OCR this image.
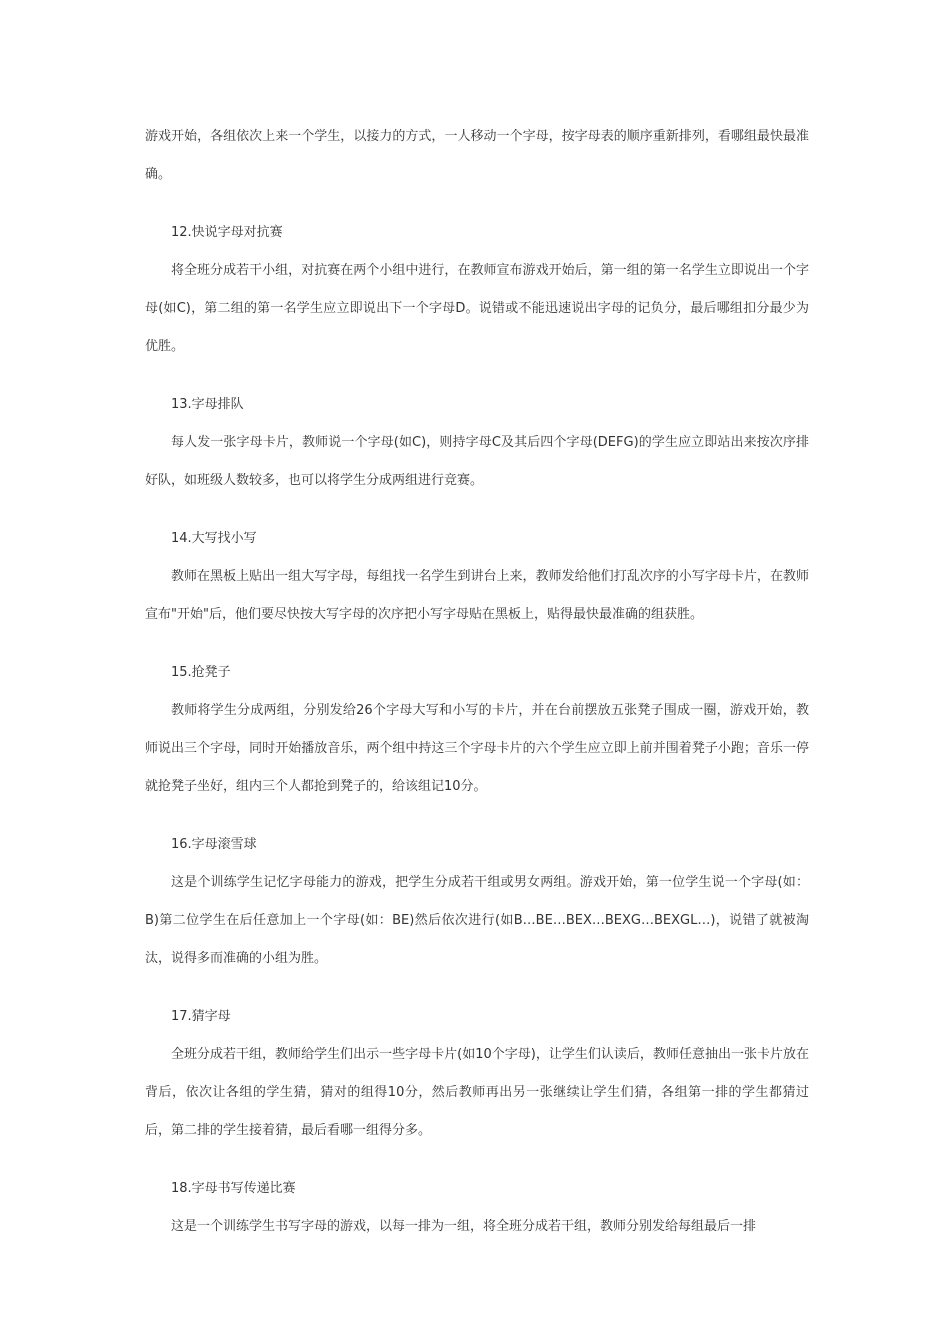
游戏开始，各组依次上来一个学生，以接力的方式，一人移动一个字母，按字母表的顺序重新排列，看哪组最快最准确。

12.快说字母对抗赛

将全班分成若干小组，对抗赛在两个小组中进行，在教师宣布游戏开始后，第一组的第一名学生立即说出一个字母(如C)，第二组的第一名学生应立即说出下一个字母D。说错或不能迅速说出字母的记负分，最后哪组扣分最少为优胜。

13.字母排队

每人发一张字母卡片，教师说一个字母(如C)，则持字母C及其后四个字母(DEFG)的学生应立即站出来按次序排好队，如班级人数较多，也可以将学生分成两组进行竞赛。

14.大写找小写

教师在黑板上贴出一组大写字母，每组找一名学生到讲台上来，教师发给他们打乱次序的小写字母卡片，在教师宣布"开始"后，他们要尽快按大写字母的次序把小写字母贴在黑板上，贴得最快最准确的组获胜。

15.抢凳子

教师将学生分成两组，分别发给26个字母大写和小写的卡片，并在台前摆放五张凳子围成一圈，游戏开始，教师说出三个字母，同时开始播放音乐，两个组中持这三个字母卡片的六个学生应立即上前并围着凳子小跑；音乐一停就抢凳子坐好，组内三个人都抢到凳子的，给该组记10分。

16.字母滚雪球

这是个训练学生记忆字母能力的游戏，把学生分成若干组或男女两组。游戏开始，第一位学生说一个字母(如：B)第二位学生在后任意加上一个字母(如：BE)然后依次进行(如B…BE…BEX…BEXG…BEXGL…)，说错了就被淘汰，说得多而准确的小组为胜。

17.猜字母

全班分成若干组，教师给学生们出示一些字母卡片(如10个字母)，让学生们认读后，教师任意抽出一张卡片放在背后，依次让各组的学生猜，猜对的组得10分，然后教师再出另一张继续让学生们猜，各组第一排的学生都猜过后，第二排的学生接着猜，最后看哪一组得分多。

18.字母书写传递比赛

这是一个训练学生书写字母的游戏，以每一排为一组，将全班分成若干组，教师分别发给每组最后一排
